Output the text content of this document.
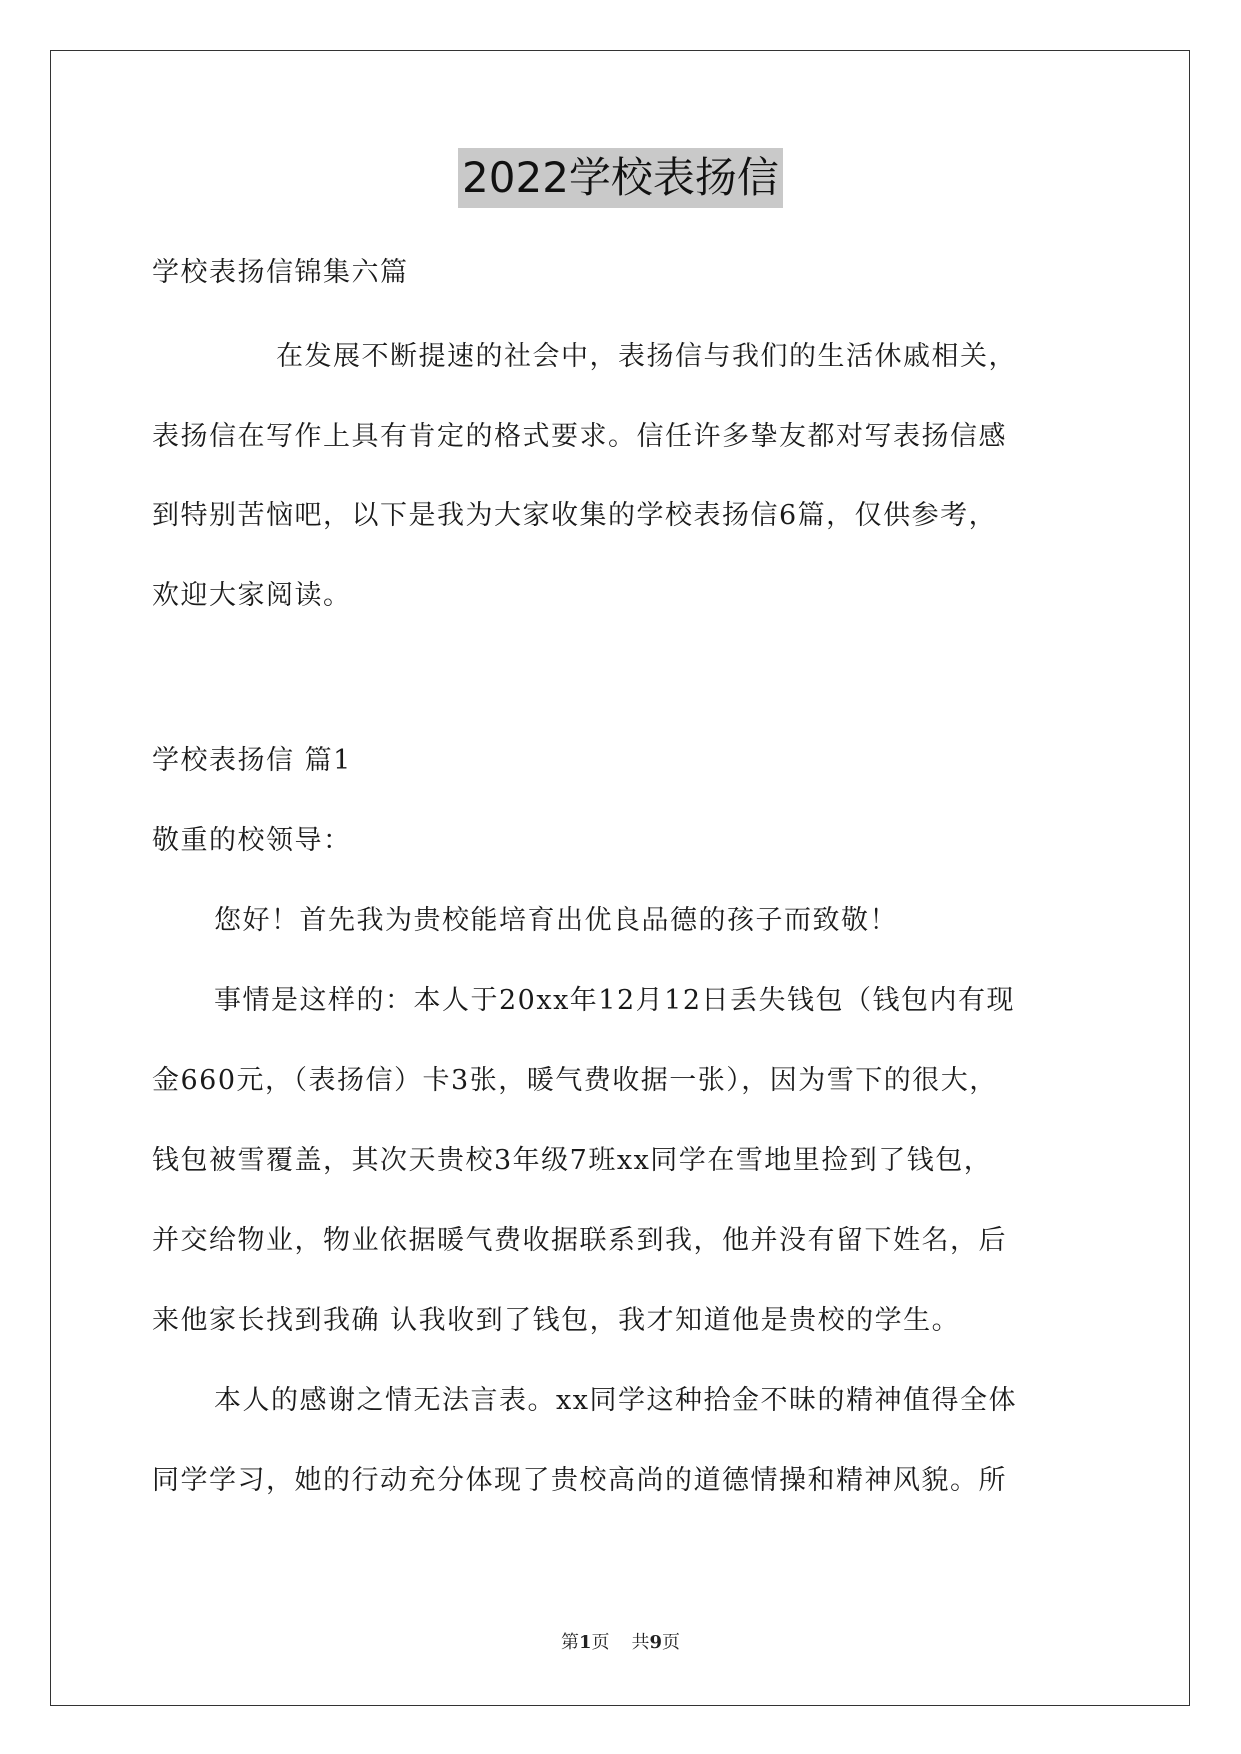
2022学校表扬信
学校表扬信锦集六篇
在发展不断提速的社会中，表扬信与我们的生活休戚相关，
表扬信在写作上具有肯定的格式要求。信任许多挚友都对写表扬信感
到特别苦恼吧，以下是我为大家收集的学校表扬信6篇，仅供参考，
欢迎大家阅读。
学校表扬信 篇1
敬重的校领导：
您好！首先我为贵校能培育出优良品德的孩子而致敬！
事情是这样的：本人于20xx年12月12日丢失钱包（钱包内有现
金660元，（表扬信）卡3张，暖气费收据一张），因为雪下的很大，
钱包被雪覆盖，其次天贵校3年级7班xx同学在雪地里捡到了钱包，
并交给物业，物业依据暖气费收据联系到我，他并没有留下姓名，后
来他家长找到我确 认我收到了钱包，我才知道他是贵校的学生。
本人的感谢之情无法言表。xx同学这种拾金不昧的精神值得全体
同学学习，她的行动充分体现了贵校高尚的道德情操和精神风貌。所
第1页 共9页
